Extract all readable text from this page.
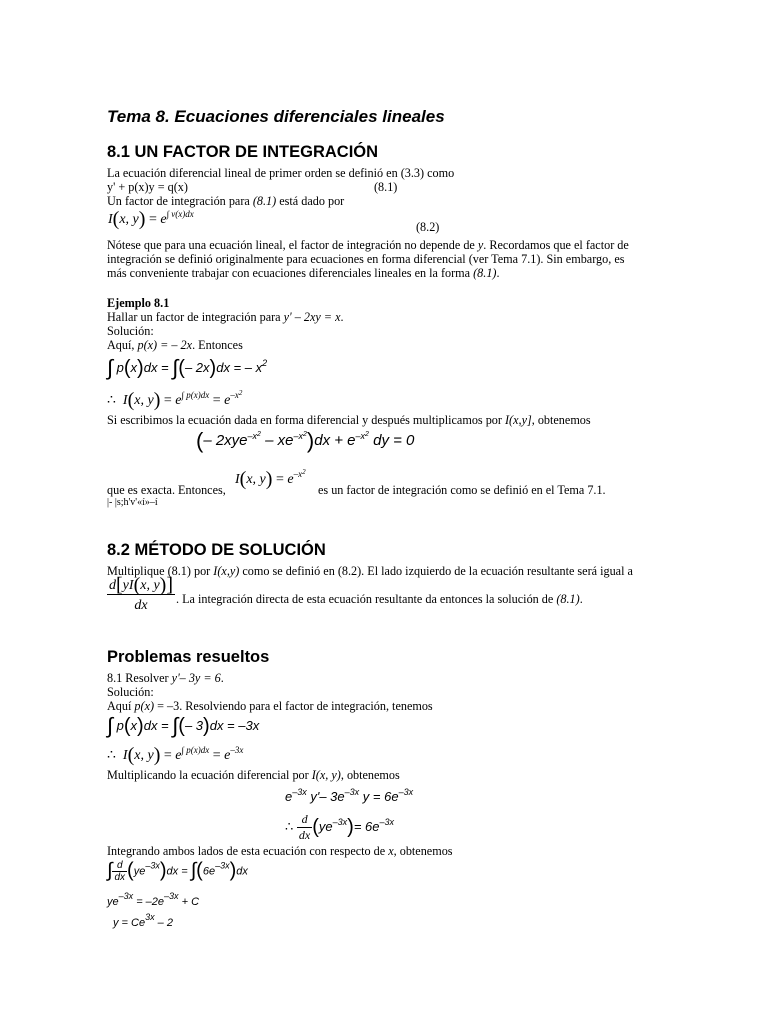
Tema 8. Ecuaciones diferenciales lineales
8.1 UN FACTOR DE INTEGRACIÓN
La ecuación diferencial lineal de primer orden se definió en (3.3) como
y' + p(x)y = q(x)	(8.1)
Un factor de integración para (8.1) está dado por
I(x, $y) = e^{\int v(x)dx}$
(8.2)
Nótese que para una ecuación lineal, el factor de integración no depende de y. Recordamos que el factor de
integración se definió originalmente para ecuaciones en forma diferencial (ver Tema 7.1). Sin embargo, es
más conveniente trabajar con ecuaciones diferenciales lineales en la forma (8.1).
Ejemplo 8.1
Hallar un factor de integración para y' – 2xy = x.
Solución:
Aquí, p(x) = – 2x. Entonces
∫ p(x)dx = ∫(– 2x)dx = – $x^2$
∴  I(x, $y) = e^{\int p(x)dx} = e^{-x^2}$
Si escribimos la ecuación dada en forma diferencial y después multiplicamos por I(x,y], obtenemos
(– $2xye^{-x^2} - xe^{-x^2})dx + e^{-x^2}$ dy = 0
que es exacta. Entonces,
I(x, $y) = e^{-x^2}$
es un factor de integración como se definió en el Tema 7.1.
|‑ |s;h'v'«í»–í
8.2 MÉTODO DE SOLUCIÓN
Multiplique (8.1) por I(x,y) como se definió en (8.2). El lado izquierdo de la ecuación resultante será igual a
$\frac{d[yI(x, y)]}{dx}$ . La integración directa de esta ecuación resultante da entonces la solución de (8.1).
Problemas resueltos
8.1 Resolver y'– 3y = 6.
Solución:
Aquí p(x) = –3. Resolviendo para el factor de integración, tenemos
∫ p(x)dx = ∫(– 3)dx = –3x
∴  I(x, $y) = e^{\int p(x)dx} = e^{-3x}$
Multiplicando la ecuación diferencial por I(x, y), obtenemos
$e^{-3x}$ y'– $3e^{-3x}$ $y = 6e^{-3x}$
∴ $\frac{d}{dx} (ye^{-3x})= 6e^{-3x}$
Integrando ambos lados de esta ecuación con respecto de x, obtenemos
∫ $\frac{d}{dx} (ye^{-3x})dx = \int(6e^{-3x})dx$
$ye^{-3x} = -2e^{-3x} + C$
$y = Ce^{3x} - 2$
